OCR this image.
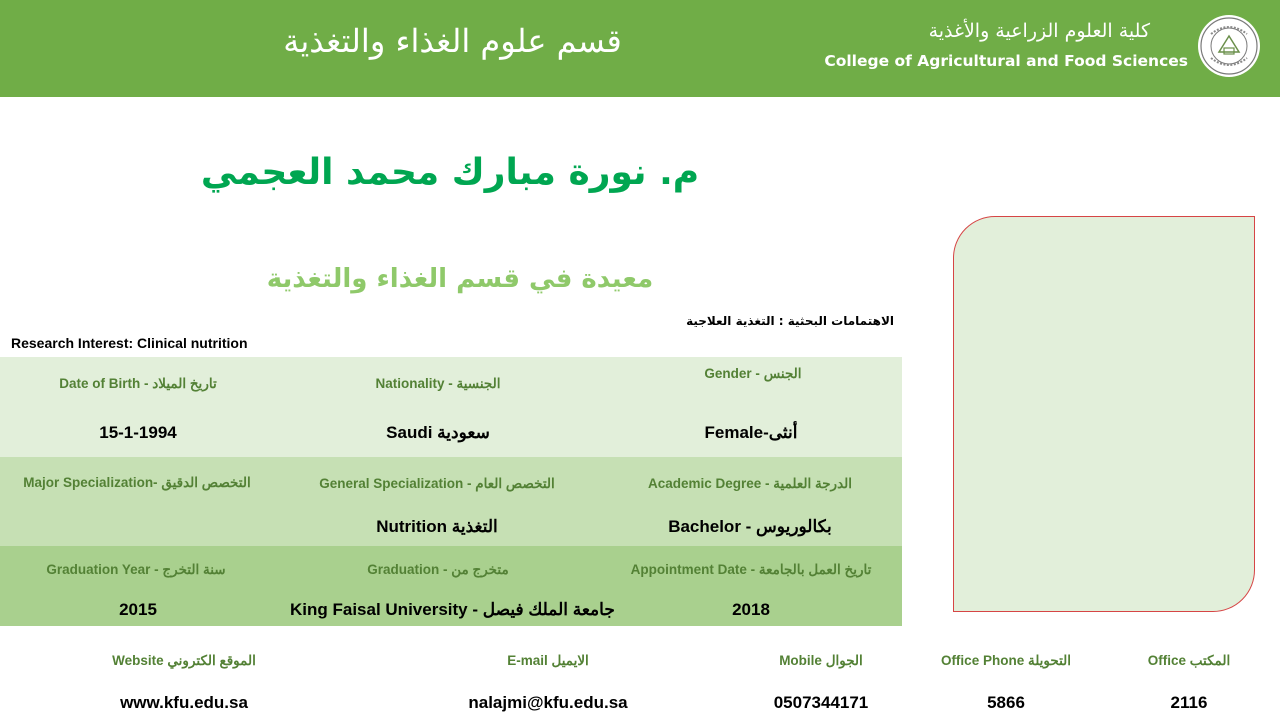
قسم علوم الغذاء والتغذية	كلية العلوم الزراعية والأغذية
College of Agricultural and Food Sciences
م. نورة مبارك محمد العجمي
معيدة في قسم الغذاء والتغذية
الاهتمامات البحثية : التغذية العلاجية
Research Interest: Clinical nutrition
Date of Birth - تاريخ الميلاد
15-1-1994
Nationality - الجنسية
Saudi سعودية
Gender - الجنس
Female-أنثى
Major Specialization- التخصص الدقيق	General Specialization - التخصص العام
Nutrition التغذية
Academic Degree - الدرجة العلمية
Bachelor - بكالوريوس
Graduation Year - سنة التخرج
2015
Graduation - متخرج من
King Faisal University - جامعة الملك فيصل
Appointment Date - تاريخ العمل بالجامعة
2018
Website الموقع الكتروني
www.kfu.edu.sa
E-mail الايميل
nalajmi@kfu.edu.sa
Mobile الجوال
0507344171
Office Phone التحويلة
5866
Office المكتب
2116
